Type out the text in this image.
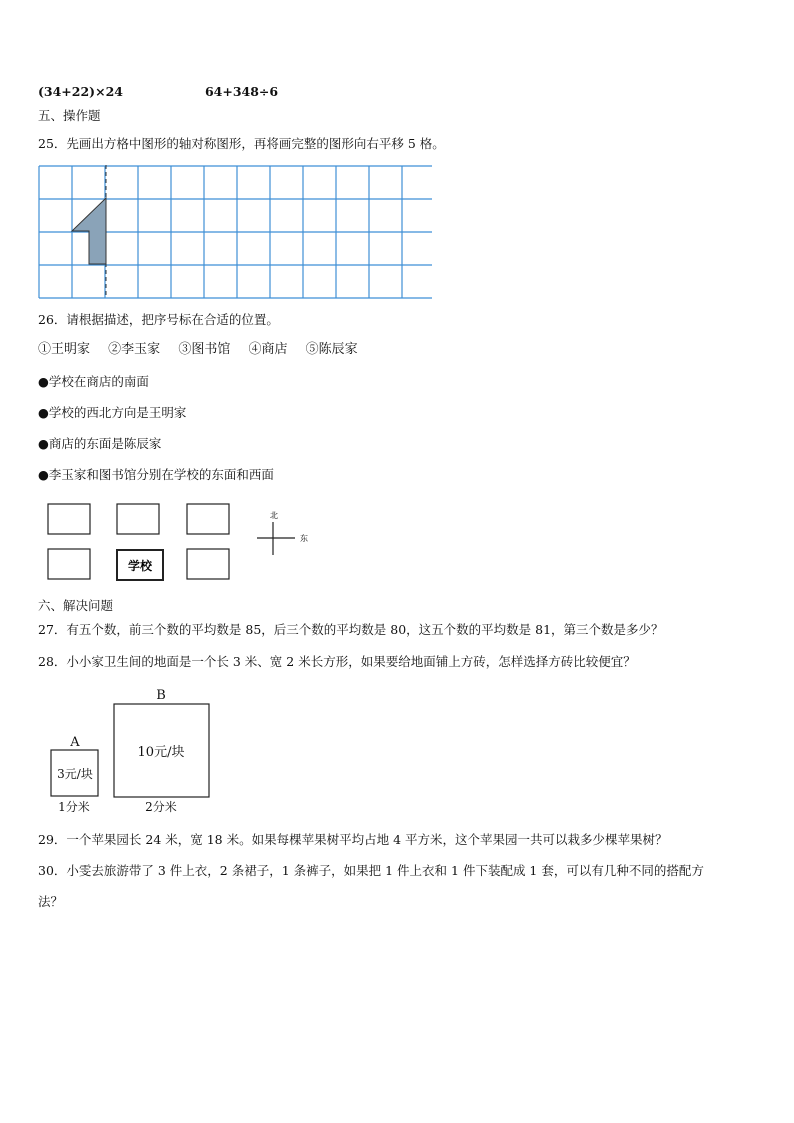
(34+22)×24	64+348÷6
五、操作题
25．先画出方格中图形的轴对称图形，再将画完整的图形向右平移 5 格。
26．请根据描述，把序号标在合适的位置。
①王明家 ②李玉家 ③图书馆 ④商店 ⑤陈辰家
●学校在商店的南面
●学校的西北方向是王明家
●商店的东面是陈辰家
●李玉家和图书馆分别在学校的东面和西面
学校
北
东
六、解决问题
27．有五个数，前三个数的平均数是 85，后三个数的平均数是 80，这五个数的平均数是 81，第三个数是多少？
28．小小家卫生间的地面是一个长 3 米、宽 2 米长方形，如果要给地面铺上方砖，怎样选择方砖比较便宜？
A
3元/块
1分米
B
10元/块
2分米
29．一个苹果园长 24 米，宽 18 米。如果每棵苹果树平均占地 4 平方米，这个苹果园一共可以栽多少棵苹果树？
30．小雯去旅游带了 3 件上衣，2 条裙子，1 条裤子，如果把 1 件上衣和 1 件下装配成 1 套，可以有几种不同的搭配方
法？
